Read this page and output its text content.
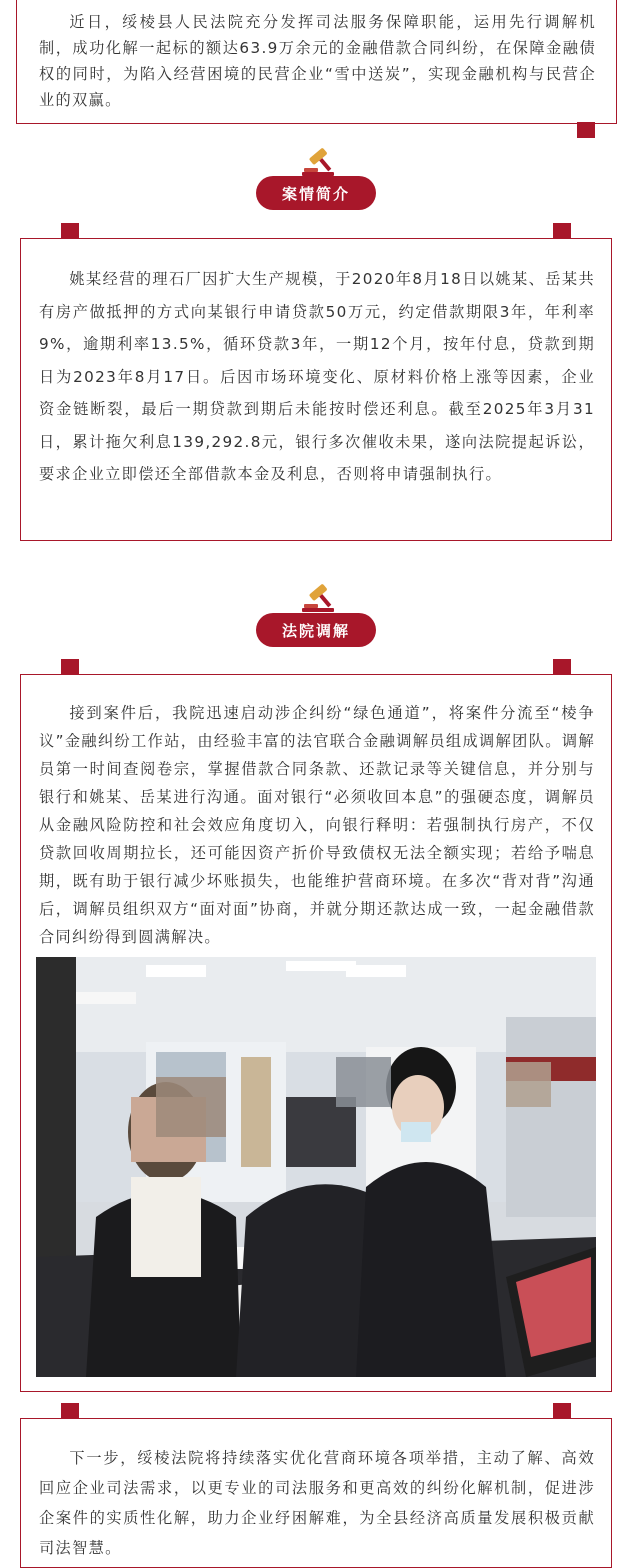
近日，绥棱县人民法院充分发挥司法服务保障职能，运用先行调解机制，成功化解一起标的额达63.9万余元的金融借款合同纠纷，在保障金融债权的同时，为陷入经营困境的民营企业“雪中送炭”，实现金融机构与民营企业的双赢。

案情简介

姚某经营的理石厂因扩大生产规模，于2020年8月18日以姚某、岳某共有房产做抵押的方式向某银行申请贷款50万元，约定借款期限3年，年利率9%，逾期利率13.5%，循环贷款3年，一期12个月，按年付息，贷款到期日为2023年8月17日。后因市场环境变化、原材料价格上涨等因素，企业资金链断裂，最后一期贷款到期后未能按时偿还利息。截至2025年3月31日，累计拖欠利息139,292.8元，银行多次催收未果，遂向法院提起诉讼，要求企业立即偿还全部借款本金及利息，否则将申请强制执行。

法院调解

接到案件后，我院迅速启动涉企纠纷“绿色通道”，将案件分流至“棱争议”金融纠纷工作站，由经验丰富的法官联合金融调解员组成调解团队。调解员第一时间查阅卷宗，掌握借款合同条款、还款记录等关键信息，并分别与银行和姚某、岳某进行沟通。面对银行“必须收回本息”的强硬态度，调解员从金融风险防控和社会效应角度切入，向银行释明：若强制执行房产，不仅贷款回收周期拉长，还可能因资产折价导致债权无法全额实现；若给予喘息期，既有助于银行减少坏账损失，也能维护营商环境。在多次“背对背”沟通后，调解员组织双方“面对面”协商，并就分期还款达成一致，一起金融借款合同纠纷得到圆满解决。

下一步，绥棱法院将持续落实优化营商环境各项举措，主动了解、高效回应企业司法需求，以更专业的司法服务和更高效的纠纷化解机制，促进涉企案件的实质性化解，助力企业纾困解难，为全县经济高质量发展积极贡献司法智慧。
